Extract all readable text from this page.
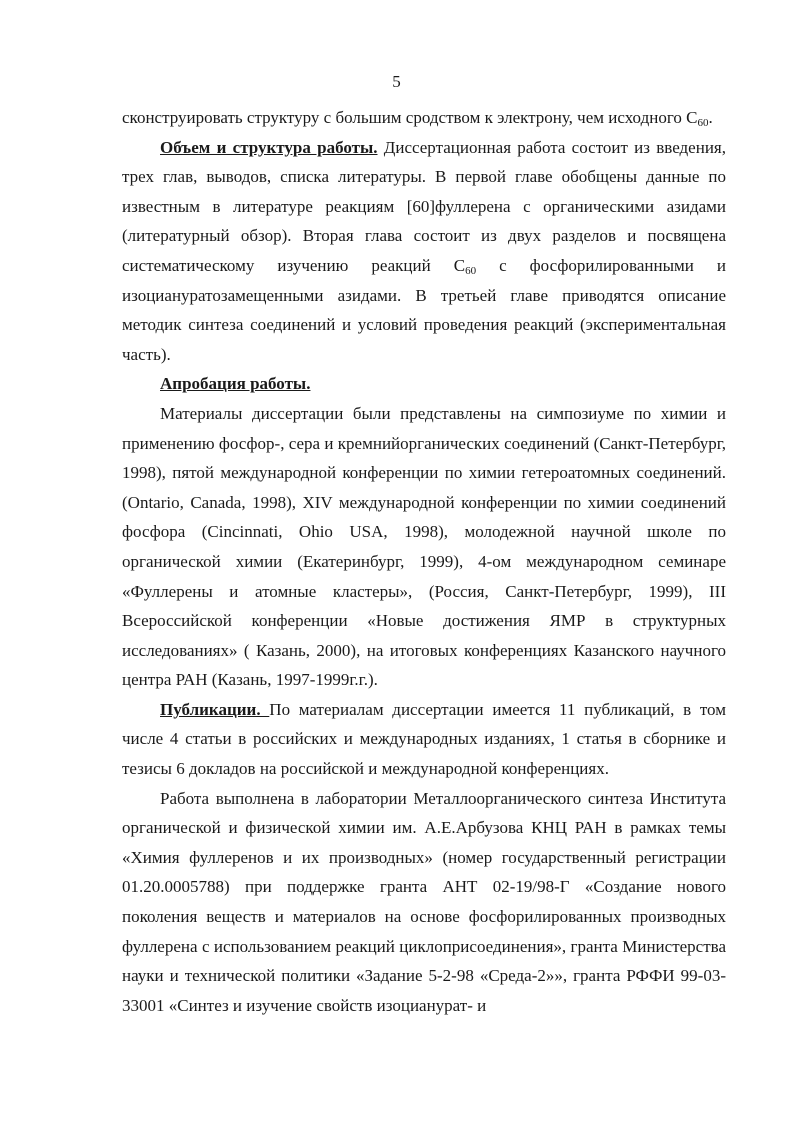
5

сконструировать структуру с большим сродством к электрону, чем исходного $C_{60}$.

Объем и структура работы. Диссертационная работа состоит из введения, трех глав, выводов, списка литературы. В первой главе обобщены данные по известным в литературе реакциям [60]фуллерена с органическими азидами (литературный обзор). Вторая глава состоит из двух разделов и посвящена систематическому изучению реакций $C_{60}$ с фосфорилированными и изоциануратозамещенными азидами. В третьей главе приводятся описание методик синтеза соединений и условий проведения реакций (экспериментальная часть).

Апробация работы.

Материалы диссертации были представлены на симпозиуме по химии и применению фосфор-, сера и кремнийорганических соединений (Санкт-Петербург, 1998), пятой международной конференции по химии гетероатомных соединений. (Ontario, Canada, 1998), XIV международной конференции по химии соединений фосфора (Cincinnati, Ohio USA, 1998), молодежной научной школе по органической химии (Екатеринбург, 1999), 4-ом международном семинаре «Фуллерены и атомные кластеры», (Россия, Санкт-Петербург, 1999), III Всероссийской конференции «Новые достижения ЯМР в структурных исследованиях» ( Казань, 2000), на итоговых конференциях Казанского научного центра РАН (Казань, 1997-1999г.г.).

Публикации. По материалам диссертации имеется 11 публикаций, в том числе 4 статьи в российских и международных изданиях, 1 статья в сборнике и тезисы 6 докладов на российской и международной конференциях.

Работа выполнена в лаборатории Металлоорганического синтеза Института органической и физической химии им. А.Е.Арбузова КНЦ РАН в рамках темы «Химия фуллеренов и их производных» (номер государственный регистрации 01.20.0005788) при поддержке гранта АНТ 02-19/98-Г «Создание нового поколения веществ и материалов на основе фосфорилированных производных фуллерена с использованием реакций циклоприсоединения», гранта Министерства науки и технической политики «Задание 5-2-98 «Среда-2»», гранта РФФИ 99-03-33001 «Синтез и изучение свойств изоцианурат- и
